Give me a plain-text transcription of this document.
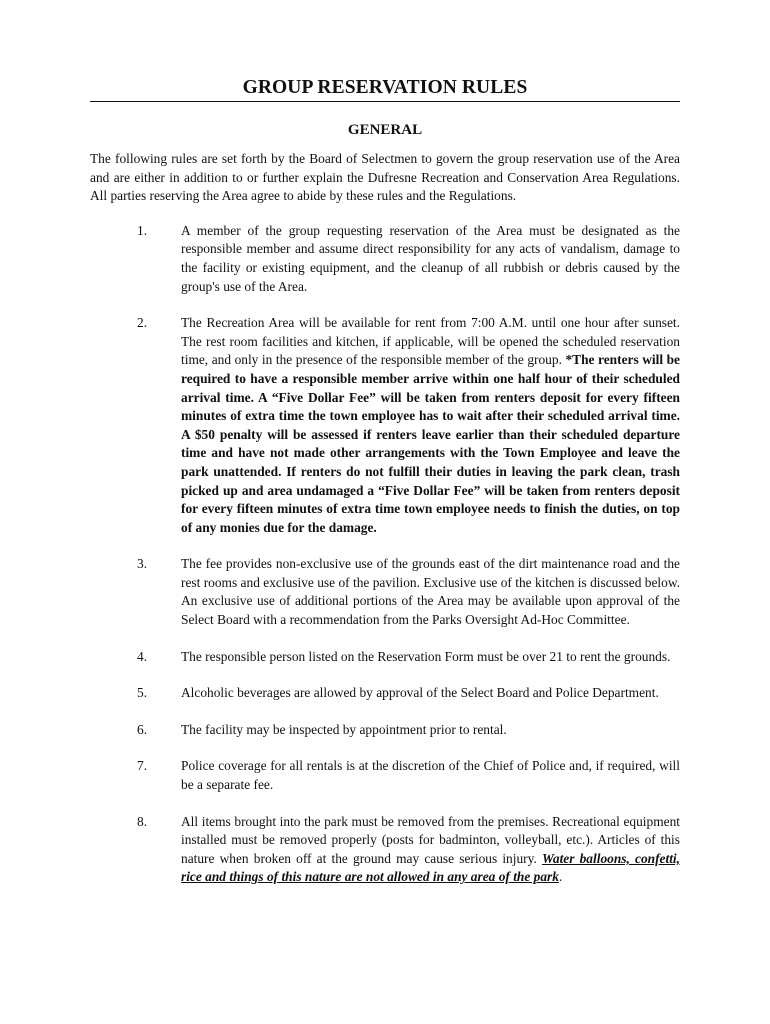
GROUP RESERVATION RULES
GENERAL

The following rules are set forth by the Board of Selectmen to govern the group reservation use of the Area and are either in addition to or further explain the Dufresne Recreation and Conservation Area Regulations. All parties reserving the Area agree to abide by these rules and the Regulations.

1.	A member of the group requesting reservation of the Area must be designated as the responsible member and assume direct responsibility for any acts of vandalism, damage to the facility or existing equipment, and the cleanup of all rubbish or debris caused by the group's use of the Area.
2.	The Recreation Area will be available for rent from 7:00 A.M. until one hour after sunset. The rest room facilities and kitchen, if applicable, will be opened the scheduled reservation time, and only in the presence of the responsible member of the group. *The renters will be required to have a responsible member arrive within one half hour of their scheduled arrival time. A “Five Dollar Fee” will be taken from renters deposit for every fifteen minutes of extra time the town employee has to wait after their scheduled arrival time. A $50 penalty will be assessed if renters leave earlier than their scheduled departure time and have not made other arrangements with the Town Employee and leave the park unattended. If renters do not fulfill their duties in leaving the park clean, trash picked up and area undamaged a “Five Dollar Fee” will be taken from renters deposit for every fifteen minutes of extra time town employee needs to finish the duties, on top of any monies due for the damage.
3.	The fee provides non-exclusive use of the grounds east of the dirt maintenance road and the rest rooms and exclusive use of the pavilion. Exclusive use of the kitchen is discussed below. An exclusive use of additional portions of the Area may be available upon approval of the Select Board with a recommendation from the Parks Oversight Ad-Hoc Committee.
4.	The responsible person listed on the Reservation Form must be over 21 to rent the grounds.
5.	Alcoholic beverages are allowed by approval of the Select Board and Police Department.
6.	The facility may be inspected by appointment prior to rental.
7.	Police coverage for all rentals is at the discretion of the Chief of Police and, if required, will be a separate fee.
8.	All items brought into the park must be removed from the premises. Recreational equipment installed must be removed properly (posts for badminton, volleyball, etc.). Articles of this nature when broken off at the ground may cause serious injury. Water balloons, confetti, rice and things of this nature are not allowed in any area of the park.
